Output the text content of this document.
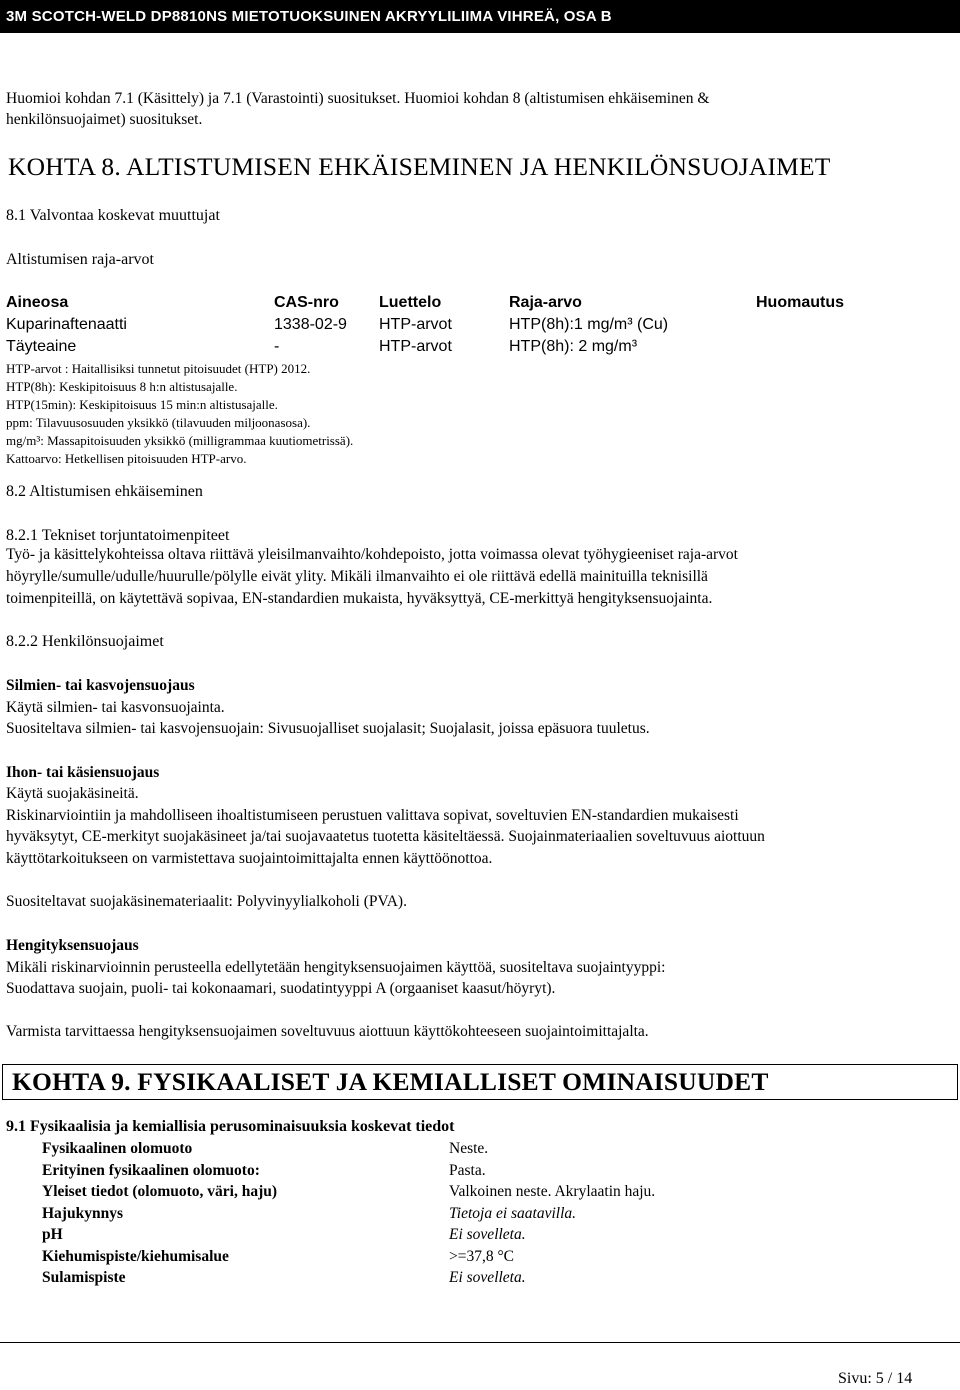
3M SCOTCH-WELD DP8810NS MIETOTUOKSUINEN AKRYYLILIIMA VIHREÄ, OSA B
Huomioi kohdan 7.1 (Käsittely) ja 7.1 (Varastointi) suositukset. Huomioi kohdan 8 (altistumisen ehkäiseminen &
henkilönsuojaimet) suositukset.
KOHTA 8. ALTISTUMISEN EHKÄISEMINEN JA HENKILÖNSUOJAIMET
8.1 Valvontaa koskevat muuttujat
Altistumisen raja-arvot
Aineosa	CAS-nro	Luettelo	Raja-arvo	Huomautus
Kuparinaftenaatti	1338-02-9 HTP-arvot	HTP(8h):1 mg/m³ (Cu)
Täyteaine	-	HTP-arvot	HTP(8h): 2 mg/m³
HTP-arvot : Haitallisiksi tunnetut pitoisuudet (HTP) 2012.
HTP(8h): Keskipitoisuus 8 h:n altistusajalle.
HTP(15min): Keskipitoisuus 15 min:n altistusajalle.
ppm: Tilavuusosuuden yksikkö (tilavuuden miljoonasosa).
mg/m³: Massapitoisuuden yksikkö (milligrammaa kuutiometrissä).
Kattoarvo: Hetkellisen pitoisuuden HTP-arvo.
8.2 Altistumisen ehkäiseminen
8.2.1 Tekniset torjuntatoimenpiteet
Työ- ja käsittelykohteissa oltava riittävä yleisilmanvaihto/kohdepoisto, jotta voimassa olevat työhygieeniset raja-arvot
höyrylle/sumulle/udulle/huurulle/pölylle eivät ylity. Mikäli ilmanvaihto ei ole riittävä edellä mainituilla teknisillä
toimenpiteillä, on käytettävä sopivaa, EN-standardien mukaista, hyväksyttyä, CE-merkittyä hengityksensuojainta.
8.2.2 Henkilönsuojaimet
Silmien- tai kasvojensuojaus
Käytä silmien- tai kasvonsuojainta.
Suositeltava silmien- tai kasvojensuojain: Sivusuojalliset suojalasit; Suojalasit, joissa epäsuora tuuletus.
Ihon- tai käsiensuojaus
Käytä suojakäsineitä.
Riskinarviointiin ja mahdolliseen ihoaltistumiseen perustuen valittava sopivat, soveltuvien EN-standardien mukaisesti
hyväksytyt, CE-merkityt suojakäsineet ja/tai suojavaatetus tuotetta käsiteltäessä. Suojainmateriaalien soveltuvuus aiottuun
käyttötarkoitukseen on varmistettava suojaintoimittajalta ennen käyttöönottoa.
Suositeltavat suojakäsinemateriaalit: Polyvinyylialkoholi (PVA).
Hengityksensuojaus
Mikäli riskinarvioinnin perusteella edellytetään hengityksensuojaimen käyttöä, suositeltava suojaintyyppi:
Suodattava suojain, puoli- tai kokonaamari, suodatintyyppi A (orgaaniset kaasut/höyryt).
Varmista tarvittaessa hengityksensuojaimen soveltuvuus aiottuun käyttökohteeseen suojaintoimittajalta.
KOHTA 9. FYSIKAALISET JA KEMIALLISET OMINAISUUDET
9.1 Fysikaalisia ja kemiallisia perusominaisuuksia koskevat tiedot
Fysikaalinen olomuoto	Neste.
Erityinen fysikaalinen olomuoto:	Pasta.
Yleiset tiedot (olomuoto, väri, haju)	Valkoinen neste. Akrylaatin haju.
Hajukynnys	Tietoja ei saatavilla.
pH	Ei sovelleta.
Kiehumispiste/kiehumisalue	>=37,8 °C
Sulamispiste	Ei sovelleta.
Sivu: 5 / 14
